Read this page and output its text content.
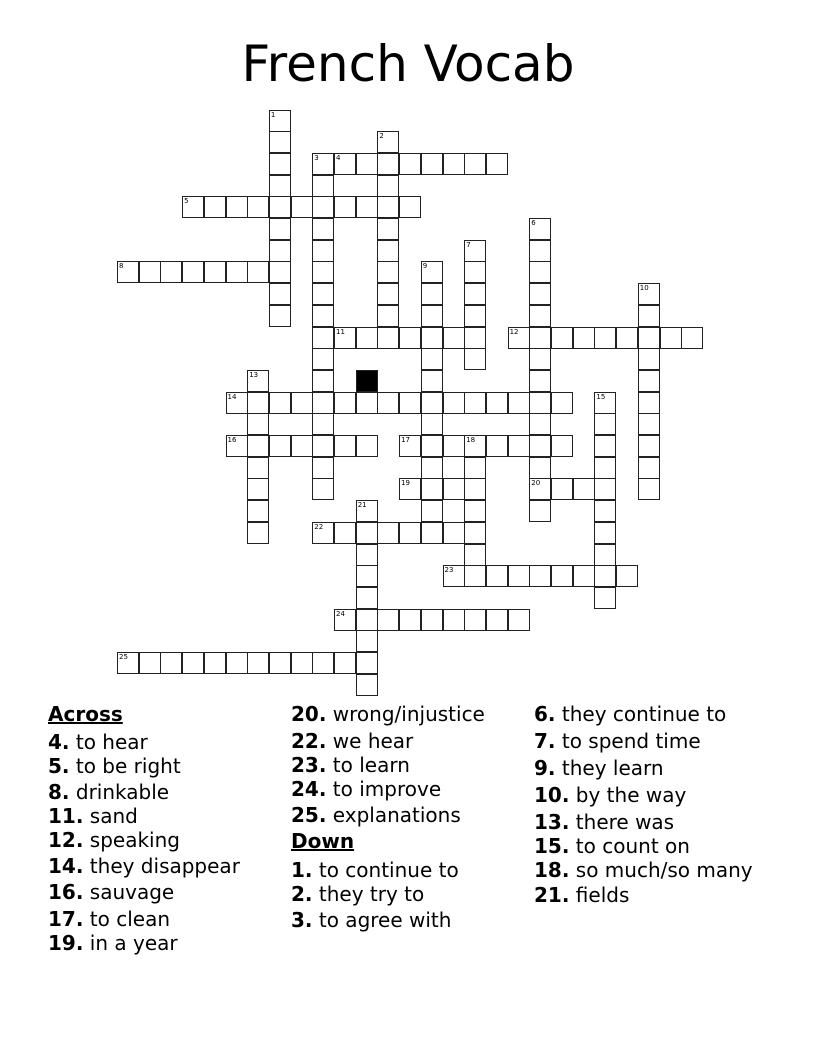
French Vocab
1
2
3 4
5
6
7
8	9
10
11	12
13
14	15
16	17	18
19	20
21
22
23
24
25
Across
4. to hear
5. to be right
8. drinkable
11. sand
12. speaking
14. they disappear
16. sauvage
17. to clean
19. in a year
20. wrong/injustice
22. we hear
23. to learn
24. to improve
25. explanations
Down
1. to continue to
2. they try to
3. to agree with
6. they continue to
7. to spend time
9. they learn
10. by the way
13. there was
15. to count on
18. so much/so many
21. fields
